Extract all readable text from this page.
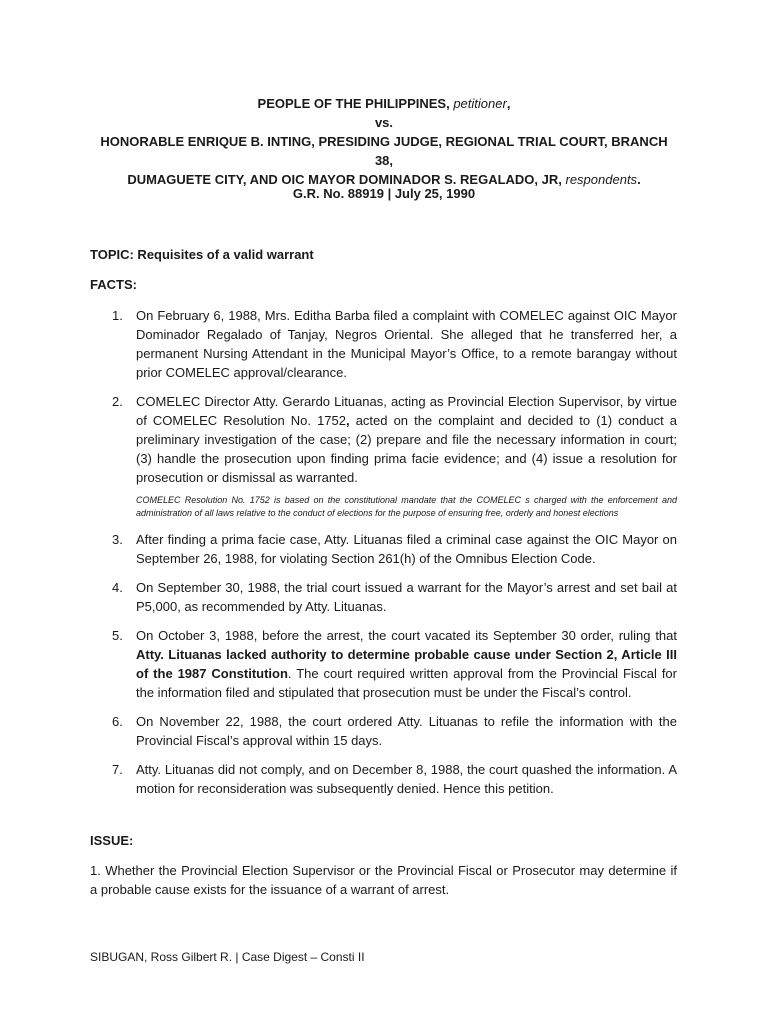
PEOPLE OF THE PHILIPPINES, petitioner,
vs.
HONORABLE ENRIQUE B. INTING, PRESIDING JUDGE, REGIONAL TRIAL COURT, BRANCH 38,
DUMAGUETE CITY, AND OIC MAYOR DOMINADOR S. REGALADO, JR, respondents.
G.R. No. 88919 | July 25, 1990
TOPIC: Requisites of a valid warrant
FACTS:
1. On February 6, 1988, Mrs. Editha Barba filed a complaint with COMELEC against OIC Mayor Dominador Regalado of Tanjay, Negros Oriental. She alleged that he transferred her, a permanent Nursing Attendant in the Municipal Mayor’s Office, to a remote barangay without prior COMELEC approval/clearance.
2. COMELEC Director Atty. Gerardo Lituanas, acting as Provincial Election Supervisor, by virtue of COMELEC Resolution No. 1752, acted on the complaint and decided to (1) conduct a preliminary investigation of the case; (2) prepare and file the necessary information in court; (3) handle the prosecution upon finding prima facie evidence; and (4) issue a resolution for prosecution or dismissal as warranted.
COMELEC Resolution No. 1752 is based on the constitutional mandate that the COMELEC s charged with the enforcement and administration of all laws relative to the conduct of elections for the purpose of ensuring free, orderly and honest elections
3. After finding a prima facie case, Atty. Lituanas filed a criminal case against the OIC Mayor on September 26, 1988, for violating Section 261(h) of the Omnibus Election Code.
4. On September 30, 1988, the trial court issued a warrant for the Mayor’s arrest and set bail at P5,000, as recommended by Atty. Lituanas.
5. On October 3, 1988, before the arrest, the court vacated its September 30 order, ruling that Atty. Lituanas lacked authority to determine probable cause under Section 2, Article III of the 1987 Constitution. The court required written approval from the Provincial Fiscal for the information filed and stipulated that prosecution must be under the Fiscal’s control.
6. On November 22, 1988, the court ordered Atty. Lituanas to refile the information with the Provincial Fiscal’s approval within 15 days.
7. Atty. Lituanas did not comply, and on December 8, 1988, the court quashed the information. A motion for reconsideration was subsequently denied. Hence this petition.
ISSUE:
1. Whether the Provincial Election Supervisor or the Provincial Fiscal or Prosecutor may determine if a probable cause exists for the issuance of a warrant of arrest.
SIBUGAN, Ross Gilbert R. | Case Digest – Consti II
